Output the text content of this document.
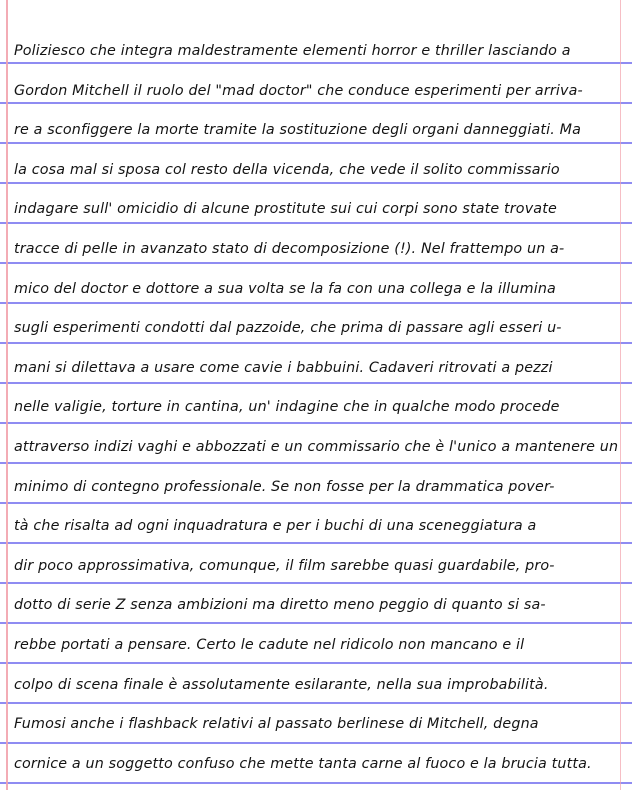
Poliziesco che integra maldestramente elementi horror e thriller lasciando a
Gordon Mitchell il ruolo del "mad doctor" che conduce esperimenti per arriva-
re a sconfiggere la morte tramite la sostituzione degli organi danneggiati. Ma
la cosa mal si sposa col resto della vicenda, che vede il solito commissario
indagare sull' omicidio di alcune prostitute sui cui corpi sono state trovate
tracce di pelle in avanzato stato di decomposizione (!). Nel frattempo un a-
mico del doctor e dottore a sua volta se la fa con una collega e la illumina
sugli esperimenti condotti dal pazzoide, che prima di passare agli esseri u-
mani si dilettava a usare come cavie i babbuini. Cadaveri ritrovati a pezzi
nelle valigie, torture in cantina, un' indagine che in qualche modo procede
attraverso indizi vaghi e abbozzati e un commissario che è l'unico a mantenere un
minimo di contegno professionale. Se non fosse per la drammatica pover-
tà che risalta ad ogni inquadratura e per i buchi di una sceneggiatura a
dir poco approssimativa, comunque, il film sarebbe quasi guardabile, pro-
dotto di serie Z senza ambizioni ma diretto meno peggio di quanto si sa-
rebbe portati a pensare. Certo le cadute nel ridicolo non mancano e il
colpo di scena finale è assolutamente esilarante, nella sua improbabilità.
Fumosi anche i flashback relativi al passato berlinese di Mitchell, degna
cornice a un soggetto confuso che mette tanta carne al fuoco e la brucia tutta.
